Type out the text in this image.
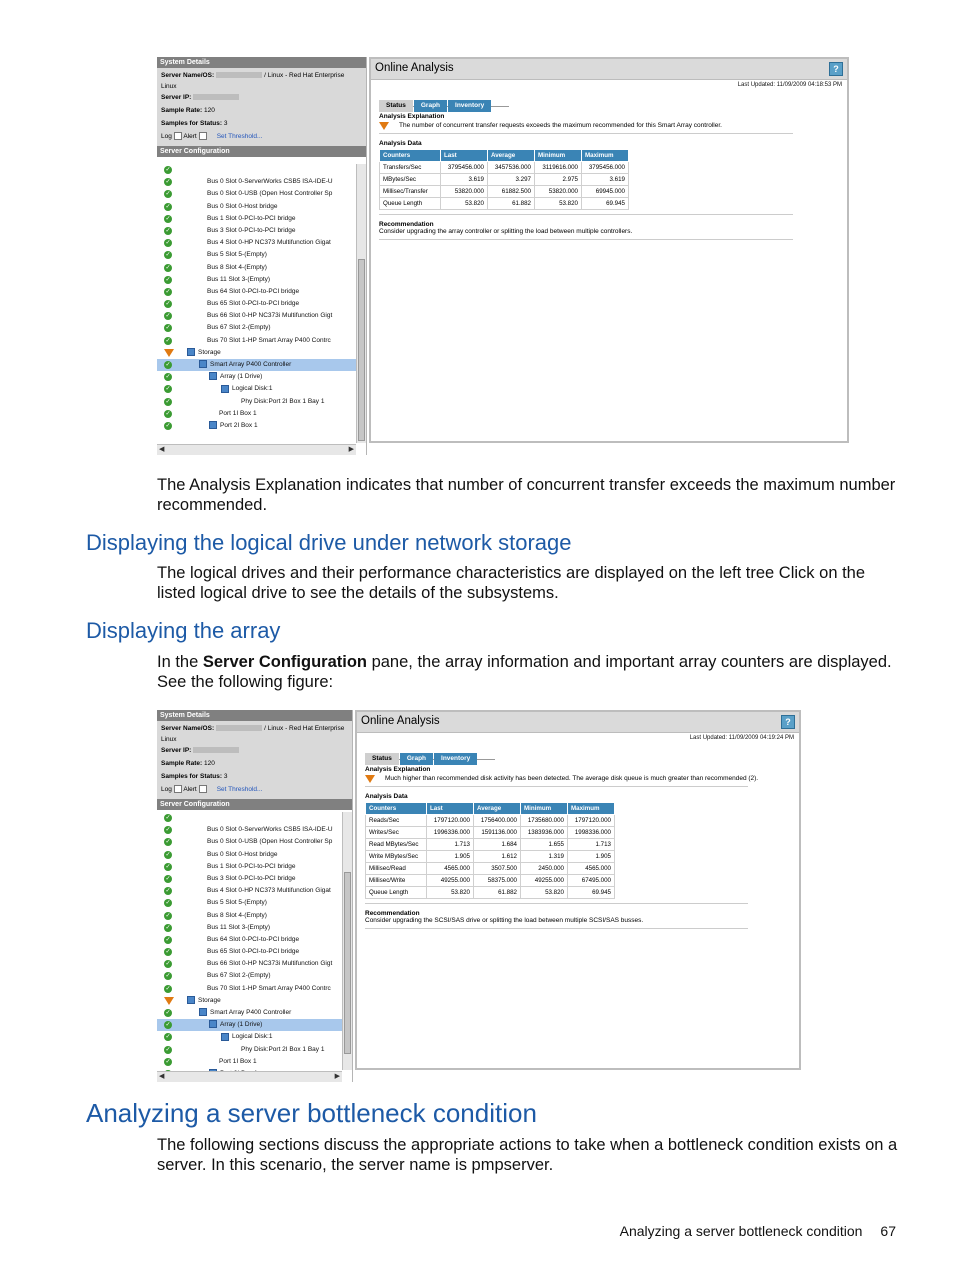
System Details
Server Name/OS:	/ Linux - Red Hat Enterprise
Linux
Server IP:
Sample Rate: 120
Samples for Status: 3
Log Alert	Set Threshold...
Server Configuration
✓
✓	Bus 0 Slot 0-ServerWorks CSB5 ISA-IDE-U
✓	Bus 0 Slot 0-USB (Open Host Controller Sp
✓	Bus 0 Slot 0-Host bridge
✓	Bus 1 Slot 0-PCI-to-PCI bridge
✓	Bus 3 Slot 0-PCI-to-PCI bridge
✓	Bus 4 Slot 0-HP NC373 Multifunction Gigat
✓	Bus 5 Slot 5-(Empty)
✓	Bus 8 Slot 4-(Empty)
✓	Bus 11 Slot 3-(Empty)
✓	Bus 64 Slot 0-PCI-to-PCI bridge
✓	Bus 65 Slot 0-PCI-to-PCI bridge
✓	Bus 66 Slot 0-HP NC373i Multifunction Gigt
✓	Bus 67 Slot 2-(Empty)
✓	Bus 70 Slot 1-HP Smart Array P400 Contrc
Storage
✓	Smart Array P400 Controller
✓	Array (1 Drive)
✓	Logical Disk:1
✓	Phy Disk:Port 2I Box 1 Bay 1
✓	Port 1I Box 1
✓	Port 2I Box 1
◀	▶
Online Analysis	?
Last Updated: 11/09/2009 04:18:53 PM
Status Graph Inventory
Analysis Explanation
The number of concurrent transfer requests exceeds the maximum recommended for this Smart Array controller.
Analysis Data
Counters	Last	Average	Minimum	Maximum
Transfers/Sec	3795456.000	3457536.000	3119616.000	3795456.000
MBytes/Sec	3.619	3.297	2.975	3.619
Millisec/Transfer	53820.000	61882.500	53820.000	69945.000
Queue Length	53.820	61.882	53.820	69.945
Recommendation
Consider upgrading the array controller or splitting the load between multiple controllers.
The Analysis Explanation indicates that number of concurrent transfer exceeds the maximum number recommended.
Displaying the logical drive under network storage
The logical drives and their performance characteristics are displayed on the left tree Click on the listed logical drive to see the details of the subsystems.
Displaying the array
In the Server Configuration pane, the array information and important array counters are displayed. See the following figure:
System Details
Server Name/OS:	/ Linux - Red Hat Enterprise
Linux
Server IP:
Sample Rate: 120
Samples for Status: 3
Log Alert	Set Threshold...
Server Configuration
✓
✓	Bus 0 Slot 0-ServerWorks CSB5 ISA-IDE-U
✓	Bus 0 Slot 0-USB (Open Host Controller Sp
✓	Bus 0 Slot 0-Host bridge
✓	Bus 1 Slot 0-PCI-to-PCI bridge
✓	Bus 3 Slot 0-PCI-to-PCI bridge
✓	Bus 4 Slot 0-HP NC373 Multifunction Gigat
✓	Bus 5 Slot 5-(Empty)
✓	Bus 8 Slot 4-(Empty)
✓	Bus 11 Slot 3-(Empty)
✓	Bus 64 Slot 0-PCI-to-PCI bridge
✓	Bus 65 Slot 0-PCI-to-PCI bridge
✓	Bus 66 Slot 0-HP NC373i Multifunction Gigt
✓	Bus 67 Slot 2-(Empty)
✓	Bus 70 Slot 1-HP Smart Array P400 Contrc
Storage
✓	Smart Array P400 Controller
✓	Array (1 Drive)
✓	Logical Disk:1
✓	Phy Disk:Port 2I Box 1 Bay 1
✓	Port 1I Box 1
◀	▶
Online Analysis	?
Last Updated: 11/09/2009 04:19:24 PM
Status Graph Inventory
Analysis Explanation
Much higher than recommended disk activity has been detected. The average disk queue is much greater than recommended (2).
Analysis Data
Counters	Last	Average	Minimum	Maximum
Reads/Sec	1797120.000	1756400.000	1735680.000	1797120.000
Writes/Sec	1996336.000	1591136.000	1383936.000	1998336.000
Read MBytes/Sec	1.713	1.684	1.655	1.713
Write MBytes/Sec	1.905	1.612	1.319	1.905
Millisec/Read	4565.000	3507.500	2450.000	4565.000
Millisec/Write	49255.000	58375.000	49255.000	67495.000
Queue Length	53.820	61.882	53.820	69.945
Recommendation
Consider upgrading the SCSI/SAS drive or splitting the load between multiple SCSI/SAS busses.
Analyzing a server bottleneck condition
The following sections discuss the appropriate actions to take when a bottleneck condition exists on a server. In this scenario, the server name is pmpserver.
Analyzing a server bottleneck condition 67
